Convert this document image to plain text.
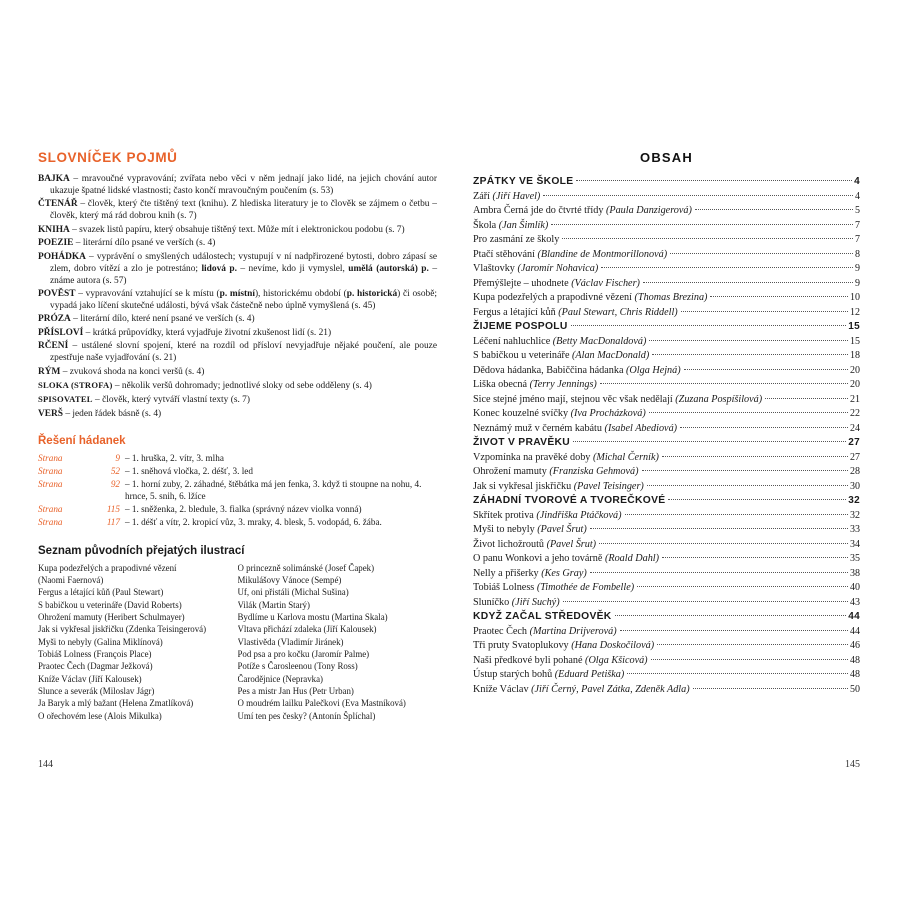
SLOVNÍČEK POJMŮ
BAJKA – mravoučné vypravování; zvířata nebo věci v něm jednají jako lidé, na jejich chování autor ukazuje špatné lidské vlastnosti; často končí mravoučným poučením (s. 53)
ČTENÁŘ – člověk, který čte tištěný text (knihu). Z hlediska literatury je to člověk se zájmem o četbu – člověk, který má rád dobrou knih (s. 7)
KNIHA – svazek listů papíru, který obsahuje tištěný text. Může mít i elektronickou podobu (s. 7)
POEZIE – literární dílo psané ve verších (s. 4)
POHÁDKA – vyprávění o smyšlených událostech; vystupují v ní nadpřirozené bytosti, dobro zápasí se zlem, dobro vítězí a zlo je potrestáno; lidová p. – nevíme, kdo ji vymyslel, umělá (autorská) p. – známe autora (s. 57)
POVĚST – vypravování vztahující se k místu (p. místní), historickému období (p. historická) či osobě; vypadá jako líčení skutečné události, bývá však částečně nebo úplně vymyšlená (s. 45)
PRÓZA – literární dílo, které není psané ve verších (s. 4)
PŘÍSLOVÍ – krátká průpovídky, která vyjadřuje životní zkušenost lidí (s. 21)
RČENÍ – ustálené slovní spojení, které na rozdíl od přísloví nevyjadřuje nějaké poučení, ale pouze zpestřuje naše vyjadřování (s. 21)
RÝM – zvuková shoda na konci veršů (s. 4)
SLOKA (STROFA) – několik veršů dohromady; jednotlivé sloky od sebe odděleny (s. 4)
SPISOVATEL – člověk, který vytváří vlastní texty (s. 7)
VERŠ – jeden řádek básně (s. 4)
Řešení hádanek
Strana	9 – 1. hruška, 2. vítr, 3. mlha
Strana	52 – 1. sněhová vločka, 2. déšť, 3. led
Strana	92 – 1. horní zuby, 2. záhadné, štěbátka má jen fenka, 3. když ti stoupne na nohu, 4. hrnce, 5. snih, 6. lžíce
Strana	115 – 1. sněženka, 2. bledule, 3. fialka (správný název violka vonná)
Strana	117 – 1. déšť a vítr, 2. kropicí vůz, 3. mraky, 4. blesk, 5. vodopád, 6. žába.
Seznam původních přejatých ilustrací
Kupa podezřelých a prapodivné vězení
(Naomi Faernová)
Fergus a létající kůň (Paul Stewart)
S babičkou u veterináře (David Roberts)
Ohrožení mamuty (Heribert Schulmayer)
Jak si vykřesal jiskřičku (Zdenka Teisingerová)
Myši to nebyly (Galina Miklínová)
Tobiáš Lolness (François Place)
Praotec Čech (Dagmar Ježková)
Kníže Václav (Jiří Kalousek)
Slunce a severák (Miloslav Jágr)
Ja Baryk a mlý bažant (Helena Zmatlíková)
O ořechovém lese (Alois Mikulka)
O princezně solimánské (Josef Čapek)
Mikulášovy Vánoce (Sempé)
Uf, oni přistáli (Michal Sušina)
Vilák (Martin Starý)
Bydlíme u Karlova mostu (Martina Skala)
Vltava přichází zdaleka (Jiří Kalousek)
Vlastivěda (Vladimír Jiránek)
Pod psa a pro kočku (Jaromír Palme)
Potíže s Čarosleenou (Tony Ross)
Čarodějnice (Nepravka)
Pes a mistr Jan Hus (Petr Urban)
O moudrém lailku Palečkovi (Eva Mastníková)
Umí ten pes česky? (Antonín Šplíchal)
144
OBSAH
ZPÁTKY VE ŠKOLE	4
Září (Jiří Havel)	4
Ambra Černá jde do čtvrté třídy (Paula Danzigerová)	5
Škola (Jan Šimlík)	7
Pro zasmání ze školy	7
Ptačí stěhování (Blandine de Montmorillonová)	8
Vlaštovky (Jaromír Nohavica)	9
Přemýšlejte – uhodnete (Václav Fischer)	9
Kupa podezřelých a prapodivné vězení (Thomas Brezina)	10
Fergus a létající kůň (Paul Stewart, Chris Riddell)	12
ŽIJEME POSPOLU	15
Léčení nahluchlice (Betty MacDonaldová)	15
S babičkou u veterináře (Alan MacDonald)	18
Dědova hádanka, Babiččina hádanka (Olga Hejná)	20
Liška obecná (Terry Jennings)	20
Sice stejné jméno mají, stejnou věc však nedělají (Zuzana Pospíšilová)	21
Konec kouzelné svíčky (Iva Procházková)	22
Neznámý muž v černém kabátu (Isabel Abediová)	24
ŽIVOT V PRAVĚKU	27
Vzpomínka na pravěké doby (Michal Černík)	27
Ohrožení mamuty (Franziska Gehmová)	28
Jak si vykřesal jiskřičku (Pavel Teisinger)	30
ZÁHADNÍ TVOROVÉ A TVOREČKOVÉ	32
Skřítek protiva (Jindřiška Ptáčková)	32
Myši to nebyly (Pavel Šrut)	33
Život lichožroutů (Pavel Šrut)	34
O panu Wonkovi a jeho továrně (Roald Dahl)	35
Nelly a přišerky (Kes Gray)	38
Tobiáš Lolness (Timothée de Fombelle)	40
Sluníčko (Jiří Suchý)	43
KDYŽ ZAČAL STŘEDOVĚK	44
Praotec Čech (Martina Drijverová)	44
Tři pruty Svatoplukovy (Hana Doskočilová)	46
Naši předkové byli pohané (Olga Kšicová)	48
Ústup starých bohů (Eduard Petiška)	48
Kníže Václav (Jiří Černý, Pavel Zátka, Zdeněk Adla)	50
145
